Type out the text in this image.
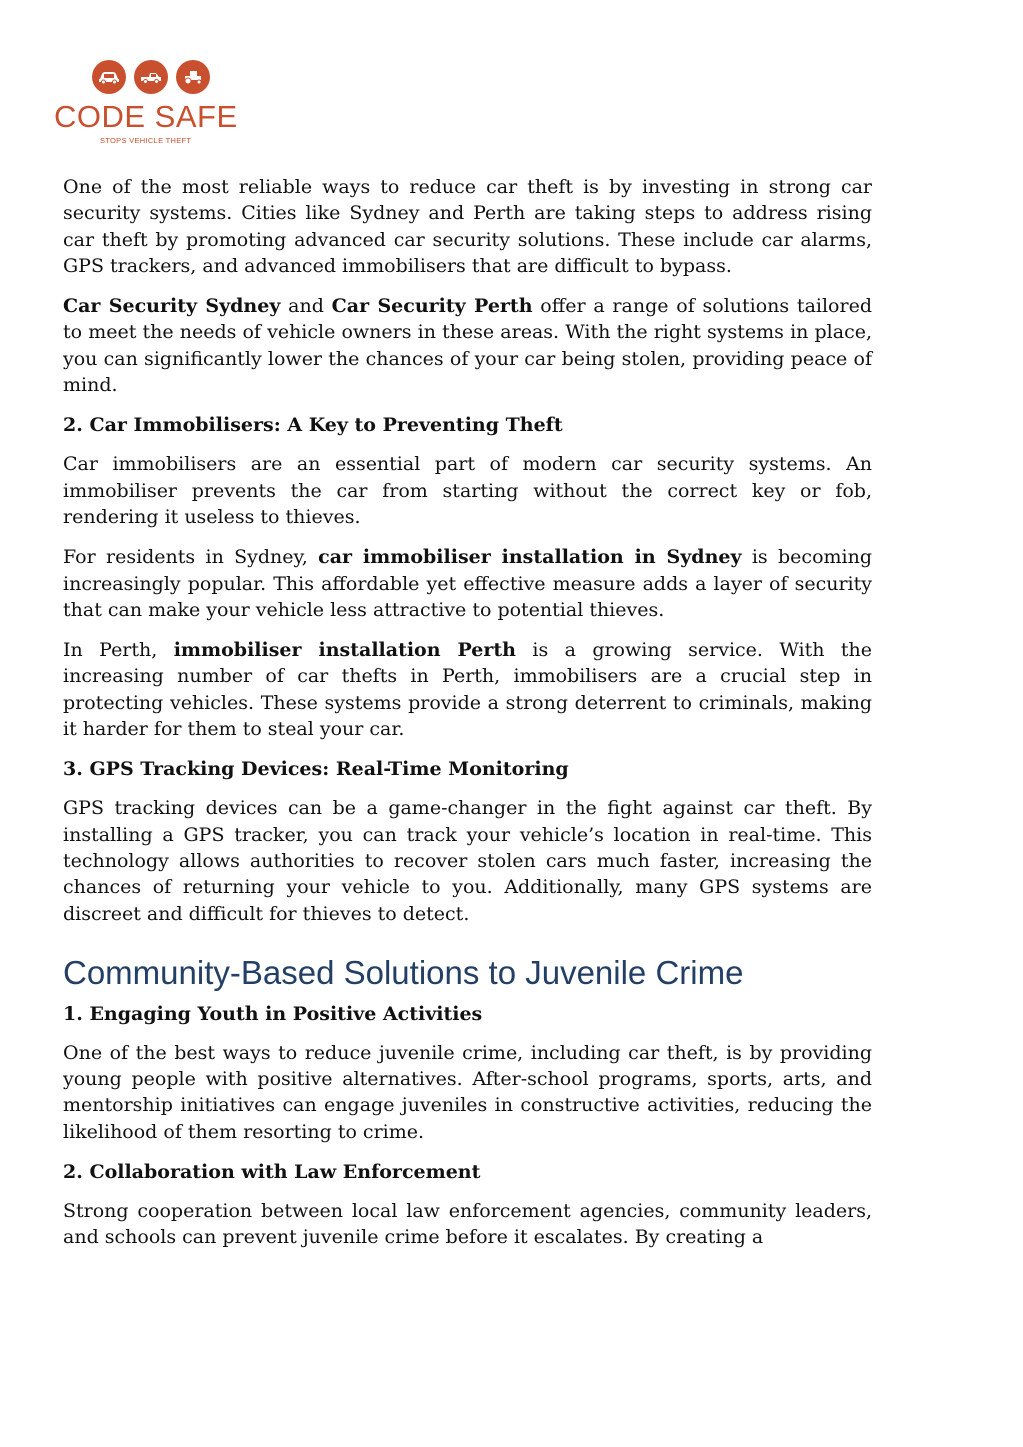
CODE SAFE
STOPS VEHICLE THEFT

One of the most reliable ways to reduce car theft is by investing in strong car security systems. Cities like Sydney and Perth are taking steps to address rising car theft by promoting advanced car security solutions. These include car alarms, GPS trackers, and advanced immobilisers that are difficult to bypass.

Car Security Sydney and Car Security Perth offer a range of solutions tailored to meet the needs of vehicle owners in these areas. With the right systems in place, you can significantly lower the chances of your car being stolen, providing peace of mind.

2. Car Immobilisers: A Key to Preventing Theft

Car immobilisers are an essential part of modern car security systems. An immobiliser prevents the car from starting without the correct key or fob, rendering it useless to thieves.

For residents in Sydney, car immobiliser installation in Sydney is becoming increasingly popular. This affordable yet effective measure adds a layer of security that can make your vehicle less attractive to potential thieves.

In Perth, immobiliser installation Perth is a growing service. With the increasing number of car thefts in Perth, immobilisers are a crucial step in protecting vehicles. These systems provide a strong deterrent to criminals, making it harder for them to steal your car.

3. GPS Tracking Devices: Real-Time Monitoring

GPS tracking devices can be a game-changer in the fight against car theft. By installing a GPS tracker, you can track your vehicle’s location in real-time. This technology allows authorities to recover stolen cars much faster, increasing the chances of returning your vehicle to you. Additionally, many GPS systems are discreet and difficult for thieves to detect.

Community-Based Solutions to Juvenile Crime
1. Engaging Youth in Positive Activities

One of the best ways to reduce juvenile crime, including car theft, is by providing young people with positive alternatives. After-school programs, sports, arts, and mentorship initiatives can engage juveniles in constructive activities, reducing the likelihood of them resorting to crime.

2. Collaboration with Law Enforcement

Strong cooperation between local law enforcement agencies, community leaders, and schools can prevent juvenile crime before it escalates. By creating a
